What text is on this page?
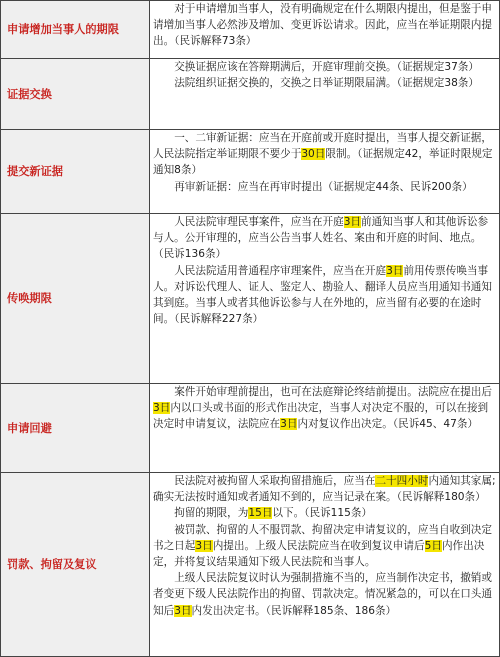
申请增加当事人的期限	对于申请增加当事人，没有明确规定在什么期限内提出，但是鉴于申请增加当事人必然涉及增加、变更诉讼请求。因此，应当在举证期限内提出。（民诉解释73条）

证据交换	交换证据应该在答辩期满后，开庭审理前交换。（证据规定37条）
法院组织证据交换的，交换之日举证期限届满。（证据规定38条）

提交新证据	一、二审新证据：应当在开庭前或开庭时提出，当事人提交新证据，人民法院指定举证期限不要少于30日限制。（证据规定42，举证时限规定通知8条）
再审新证据：应当在再审时提出（证据规定44条、民诉200条）

传唤期限	人民法院审理民事案件，应当在开庭3日前通知当事人和其他诉讼参与人。公开审理的，应当公告当事人姓名、案由和开庭的时间、地点。（民诉136条）
人民法院适用普通程序审理案件，应当在开庭3日前用传票传唤当事人。对诉讼代理人、证人、鉴定人、勘验人、翻译人员应当用通知书通知其到庭。当事人或者其他诉讼参与人在外地的，应当留有必要的在途时间。（民诉解释227条）

申请回避	案件开始审理前提出，也可在法庭辩论终结前提出。法院应在提出后3日内以口头或书面的形式作出决定，当事人对决定不服的，可以在接到决定时申请复议，法院应在3日内对复议作出决定。（民诉45、47条）

罚款、拘留及复议	民法院对被拘留人采取拘留措施后，应当在二十四小时内通知其家属;确实无法按时通知或者通知不到的，应当记录在案。（民诉解释180条）
拘留的期限，为15日以下。（民诉115条）
被罚款、拘留的人不服罚款、拘留决定申请复议的，应当自收到决定书之日起3日内提出。上级人民法院应当在收到复议申请后5日内作出决定，并将复议结果通知下级人民法院和当事人。
上级人民法院复议时认为强制措施不当的，应当制作决定书，撤销或者变更下级人民法院作出的拘留、罚款决定。情况紧急的，可以在口头通知后3日内发出决定书。（民诉解释185条、186条）
